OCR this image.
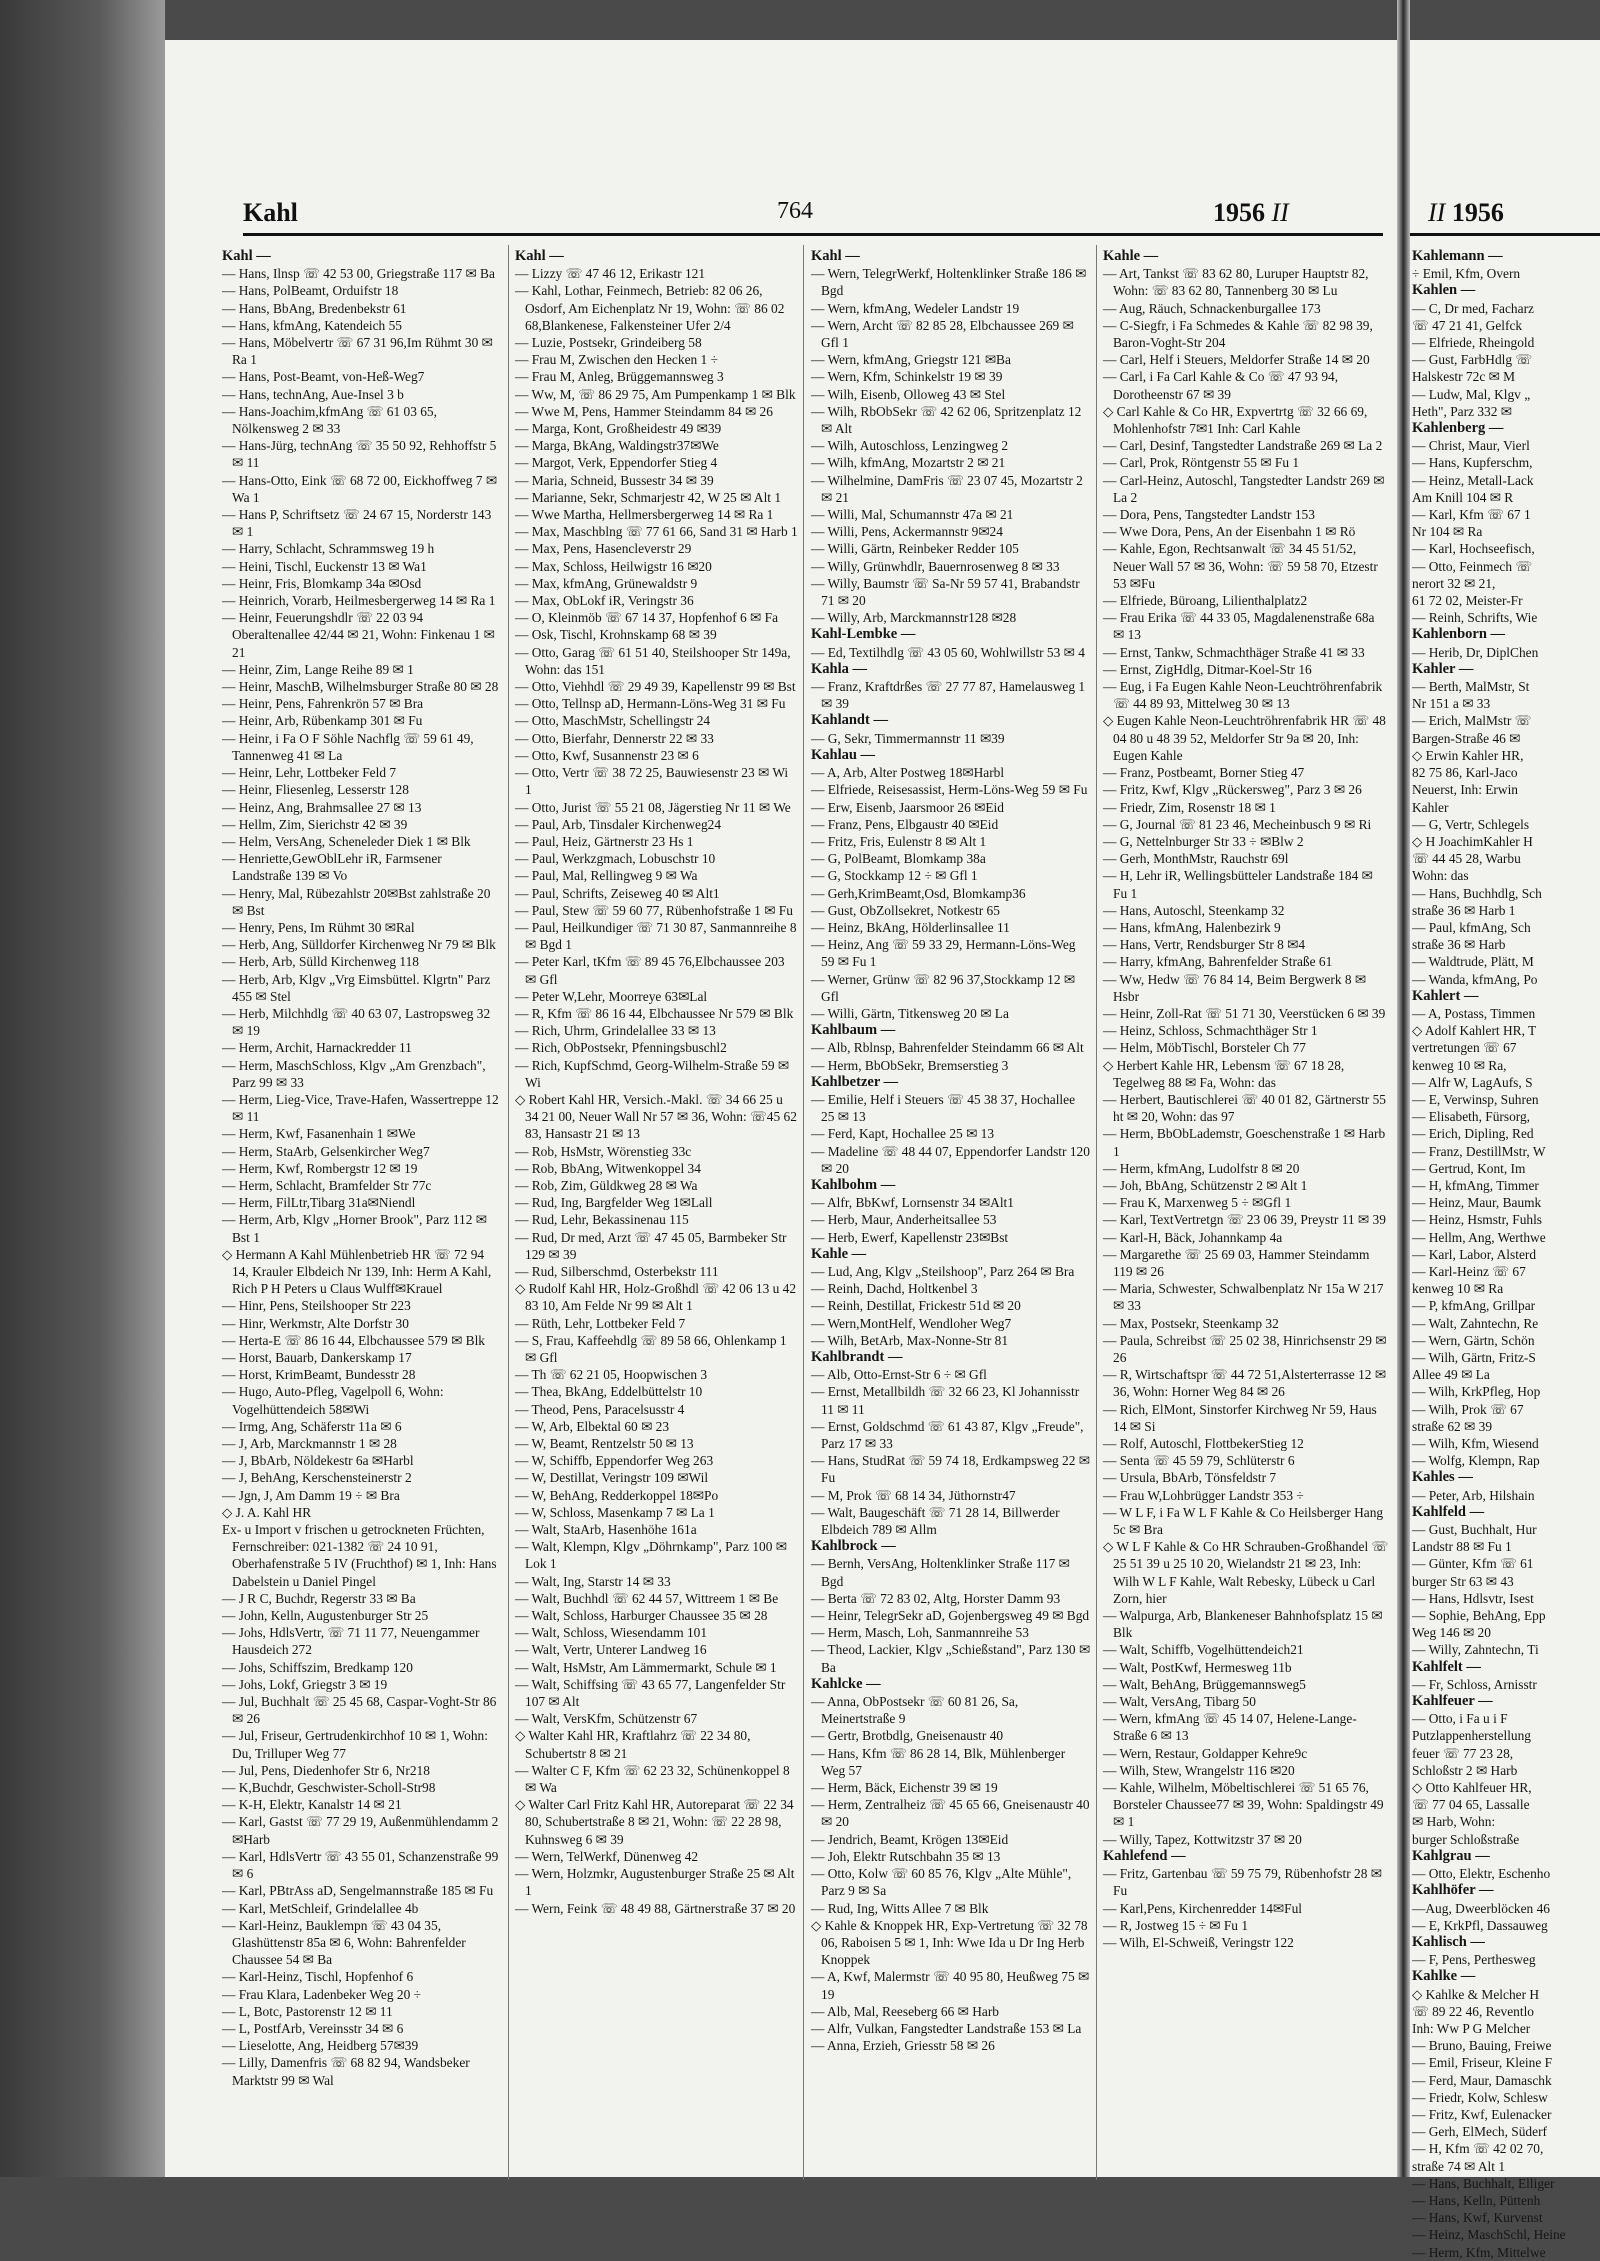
Kahl	764	1956 II
Kahl —
— Hans, Ilnsp ☏ 42 53 00, Griegstraße 117 ✉ Ba
— Hans, PolBeamt, Orduifstr 18
— Hans, BbAng, Bredenbekstr 61
— Hans, kfmAng, Katendeich 55
— Hans, Möbelvertr ☏ 67 31 96,Im Rühmt 30 ✉ Ra 1
— Hans, Post-Beamt, von-Heß-Weg7
— Hans, technAng, Aue-Insel 3 b
— Hans-Joachim,kfmAng ☏ 61 03 65, Nölkensweg 2 ✉ 33
— Hans-Jürg, technAng ☏ 35 50 92, Rehhoffstr 5 ✉ 11
— Hans-Otto, Eink ☏ 68 72 00, Eickhoffweg 7 ✉ Wa 1
— Hans P, Schriftsetz ☏ 24 67 15, Norderstr 143 ✉ 1
— Harry, Schlacht, Schrammsweg 19 h
— Heini, Tischl, Euckenstr 13 ✉ Wa1
— Heinr, Fris, Blomkamp 34a ✉Osd
— Heinrich, Vorarb, Heilmesbergerweg 14 ✉ Ra 1
— Heinr, Feuerungshdlr ☏ 22 03 94 Oberaltenallee 42/44 ✉ 21, Wohn: Finkenau 1 ✉ 21
— Heinr, Zim, Lange Reihe 89 ✉ 1
— Heinr, MaschB, Wilhelmsburger Straße 80 ✉ 28
— Heinr, Pens, Fahrenkrön 57 ✉ Bra
— Heinr, Arb, Rübenkamp 301 ✉ Fu
— Heinr, i Fa O F Söhle Nachflg ☏ 59 61 49, Tannenweg 41 ✉ La
— Heinr, Lehr, Lottbeker Feld 7
— Heinr, Fliesenleg, Lesserstr 128
— Heinz, Ang, Brahmsallee 27 ✉ 13
— Hellm, Zim, Sierichstr 42 ✉ 39
— Helm, VersAng, Scheneleder Diek 1 ✉ Blk
— Henriette,GewOblLehr iR, Farmsener Landstraße 139 ✉ Vo
— Henry, Mal, Rübezahlstr 20✉Bst zahlstraße 20 ✉ Bst
— Henry, Pens, Im Rühmt 30 ✉Ral
— Herb, Ang, Sülldorfer Kirchenweg Nr 79 ✉ Blk
— Herb, Arb, Sülld Kirchenweg 118
— Herb, Arb, Klgv „Vrg Eimsbüttel. Klgrtn" Parz 455 ✉ Stel
— Herb, Milchhdlg ☏ 40 63 07, Lastropsweg 32 ✉ 19
— Herm, Archit, Harnackredder 11
— Herm, MaschSchloss, Klgv „Am Grenzbach", Parz 99 ✉ 33
— Herm, Lieg-Vice, Trave-Hafen, Wassertreppe 12 ✉ 11
— Herm, Kwf, Fasanenhain 1 ✉We
— Herm, StaArb, Gelsenkircher Weg7
— Herm, Kwf, Rombergstr 12 ✉ 19
— Herm, Schlacht, Bramfelder Str 77c
— Herm, FilLtr,Tibarg 31a✉Niendl
— Herm, Arb, Klgv „Horner Brook", Parz 112 ✉ Bst 1
◇ Hermann A Kahl Mühlenbetrieb HR ☏ 72 94 14, Krauler Elbdeich Nr 139, Inh: Herm A Kahl, Rich P H Peters u Claus Wulff✉Krauel
— Hinr, Pens, Steilshooper Str 223
— Hinr, Werkmstr, Alte Dorfstr 30
— Herta-E ☏ 86 16 44, Elbchaussee 579 ✉ Blk
— Horst, Bauarb, Dankerskamp 17
— Horst, KrimBeamt, Bundesstr 28
— Hugo, Auto-Pfleg, Vagelpoll 6, Wohn: Vogelhüttendeich 58✉Wi
— Irmg, Ang, Schäferstr 11a ✉ 6
— J, Arb, Marckmannstr 1 ✉ 28
— J, BbArb, Nöldekestr 6a ✉Harbl
— J, BehAng, Kerschensteinerstr 2
— Jgn, J, Am Damm 19 ÷ ✉ Bra
◇ J. A. Kahl HR
Ex- u Import v frischen u getrockneten Früchten, Fernschreiber: 021-1382 ☏ 24 10 91, Oberhafenstraße 5 IV (Fruchthof) ✉ 1, Inh: Hans Dabelstein u Daniel Pingel
— J R C, Buchdr, Regerstr 33 ✉ Ba
— John, Kelln, Augustenburger Str 25
— Johs, HdlsVertr, ☏ 71 11 77, Neuengammer Hausdeich 272
— Johs, Schiffszim, Bredkamp 120
— Johs, Lokf, Griegstr 3 ✉ 19
— Jul, Buchhalt ☏ 25 45 68, Caspar-Voght-Str 86 ✉ 26
— Jul, Friseur, Gertrudenkirchhof 10 ✉ 1, Wohn: Du, Trilluper Weg 77
— Jul, Pens, Diedenhofer Str 6, Nr218
— K,Buchdr, Geschwister-Scholl-Str98
— K-H, Elektr, Kanalstr 14 ✉ 21
— Karl, Gastst ☏ 77 29 19, Außenmühlendamm 2 ✉Harb
— Karl, HdlsVertr ☏ 43 55 01, Schanzenstraße 99 ✉ 6
— Karl, PBtrAss aD, Sengelmannstraße 185 ✉ Fu
— Karl, MetSchleif, Grindelallee 4b
— Karl-Heinz, Bauklempn ☏ 43 04 35, Glashüttenstr 85a ✉ 6, Wohn: Bahrenfelder Chaussee 54 ✉ Ba
— Karl-Heinz, Tischl, Hopfenhof 6
— Frau Klara, Ladenbeker Weg 20 ÷
— L, Botc, Pastorenstr 12 ✉ 11
— L, PostfArb, Vereinsstr 34 ✉ 6
— Lieselotte, Ang, Heidberg 57✉39
— Lilly, Damenfris ☏ 68 82 94, Wandsbeker Marktstr 99 ✉ Wal
Kahl —
— Lizzy ☏ 47 46 12, Erikastr 121
— Kahl, Lothar, Feinmech, Betrieb: 82 06 26, Osdorf, Am Eichenplatz Nr 19, Wohn: ☏ 86 02 68,Blankenese, Falkensteiner Ufer 2/4
— Luzie, Postsekr, Grindeiberg 58
— Frau M, Zwischen den Hecken 1 ÷
— Frau M, Anleg, Brüggemannsweg 3
— Ww, M, ☏ 86 29 75, Am Pumpenkamp 1 ✉ Blk
— Wwe M, Pens, Hammer Steindamm 84 ✉ 26
— Marga, Kont, Großheidestr 49 ✉39
— Marga, BkAng, Waldingstr37✉We
— Margot, Verk, Eppendorfer Stieg 4
— Maria, Schneid, Bussestr 34 ✉ 39
— Marianne, Sekr, Schmarjestr 42, W 25 ✉ Alt 1
— Wwe Martha, Hellmersbergerweg 14 ✉ Ra 1
— Max, Maschblng ☏ 77 61 66, Sand 31 ✉ Harb 1
— Max, Pens, Hasencleverstr 29
— Max, Schloss, Heilwigstr 16 ✉20
— Max, kfmAng, Grünewaldstr 9
— Max, ObLokf iR, Veringstr 36
— O, Kleinmöb ☏ 67 14 37, Hopfenhof 6 ✉ Fa
— Osk, Tischl, Krohnskamp 68 ✉ 39
— Otto, Garag ☏ 61 51 40, Steilshooper Str 149a, Wohn: das 151
— Otto, Viehhdl ☏ 29 49 39, Kapellenstr 99 ✉ Bst
— Otto, Tellnsp aD, Hermann-Löns-Weg 31 ✉ Fu
— Otto, MaschMstr, Schellingstr 24
— Otto, Bierfahr, Dennerstr 22 ✉ 33
— Otto, Kwf, Susannenstr 23 ✉ 6
— Otto, Vertr ☏ 38 72 25, Bauwiesenstr 23 ✉ Wi 1
— Otto, Jurist ☏ 55 21 08, Jägerstieg Nr 11 ✉ We
— Paul, Arb, Tinsdaler Kirchenweg24
— Paul, Heiz, Gärtnerstr 23 Hs 1
— Paul, Werkzgmach, Lobuschstr 10
— Paul, Mal, Rellingweg 9 ✉ Wa
— Paul, Schrifts, Zeiseweg 40 ✉ Alt1
— Paul, Stew ☏ 59 60 77, Rübenhofstraße 1 ✉ Fu
— Paul, Heilkundiger ☏ 71 30 87, Sanmannreihe 8 ✉ Bgd 1
— Peter Karl, tKfm ☏ 89 45 76,Elbchaussee 203 ✉ Gfl
— Peter W,Lehr, Moorreye 63✉Lal
— R, Kfm ☏ 86 16 44, Elbchaussee Nr 579 ✉ Blk
— Rich, Uhrm, Grindelallee 33 ✉ 13
— Rich, ObPostsekr, Pfenningsbuschl2
— Rich, KupfSchmd, Georg-Wilhelm-Straße 59 ✉ Wi
◇ Robert Kahl HR, Versich.-Makl. ☏ 34 66 25 u 34 21 00, Neuer Wall Nr 57 ✉ 36, Wohn: ☏45 62 83, Hansastr 21 ✉ 13
— Rob, HsMstr, Wörenstieg 33c
— Rob, BbAng, Witwenkoppel 34
— Rob, Zim, Güldkweg 28 ✉ Wa
— Rud, Ing, Bargfelder Weg 1✉Lall
— Rud, Lehr, Bekassinenau 115
— Rud, Dr med, Arzt ☏ 47 45 05, Barmbeker Str 129 ✉ 39
— Rud, Silberschmd, Osterbekstr 111
◇ Rudolf Kahl HR, Holz-Großhdl ☏ 42 06 13 u 42 83 10, Am Felde Nr 99 ✉ Alt 1
— Rüth, Lehr, Lottbeker Feld 7
— S, Frau, Kaffeehdlg ☏ 89 58 66, Ohlenkamp 1 ✉ Gfl
— Th ☏ 62 21 05, Hoopwischen 3
— Thea, BkAng, Eddelbüttelstr 10
— Theod, Pens, Paracelsusstr 4
— W, Arb, Elbektal 60 ✉ 23
— W, Beamt, Rentzelstr 50 ✉ 13
— W, Schiffb, Eppendorfer Weg 263
— W, Destillat, Veringstr 109 ✉Wil
— W, BehAng, Redderkoppel 18✉Po
— W, Schloss, Masenkamp 7 ✉ La 1
— Walt, StaArb, Hasenhöhe 161a
— Walt, Klempn, Klgv „Döhrnkamp", Parz 100 ✉ Lok 1
— Walt, Ing, Starstr 14 ✉ 33
— Walt, Buchhdl ☏ 62 44 57, Wittreem 1 ✉ Be
— Walt, Schloss, Harburger Chaussee 35 ✉ 28
— Walt, Schloss, Wiesendamm 101
— Walt, Vertr, Unterer Landweg 16
— Walt, HsMstr, Am Lämmermarkt, Schule ✉ 1
— Walt, Schiffsing ☏ 43 65 77, Langenfelder Str 107 ✉ Alt
— Walt, VersKfm, Schützenstr 67
◇ Walter Kahl HR, Kraftlahrz ☏ 22 34 80, Schubertstr 8 ✉ 21
— Walter C F, Kfm ☏ 62 23 32, Schünenkoppel 8 ✉ Wa
◇ Walter Carl Fritz Kahl HR, Autoreparat ☏ 22 34 80, Schubertstraße 8 ✉ 21, Wohn: ☏ 22 28 98, Kuhnsweg 6 ✉ 39
— Wern, TelWerkf, Dünenweg 42
— Wern, Holzmkr, Augustenburger Straße 25 ✉ Alt 1
— Wern, Feink ☏ 48 49 88, Gärtnerstraße 37 ✉ 20
Kahl —
— Wern, TelegrWerkf, Holtenklinker Straße 186 ✉ Bgd
— Wern, kfmAng, Wedeler Landstr 19
— Wern, Archt ☏ 82 85 28, Elbchaussee 269 ✉ Gfl 1
— Wern, kfmAng, Griegstr 121 ✉Ba
— Wern, Kfm, Schinkelstr 19 ✉ 39
— Wilh, Eisenb, Olloweg 43 ✉ Stel
— Wilh, RbObSekr ☏ 42 62 06, Spritzenplatz 12 ✉ Alt
— Wilh, Autoschloss, Lenzingweg 2
— Wilh, kfmAng, Mozartstr 2 ✉ 21
— Wilhelmine, DamFris ☏ 23 07 45, Mozartstr 2 ✉ 21
— Willi, Mal, Schumannstr 47a ✉ 21
— Willi, Pens, Ackermannstr 9✉24
— Willi, Gärtn, Reinbeker Redder 105
— Willy, Grünwhdlr, Bauernrosenweg 8 ✉ 33
— Willy, Baumstr ☏ Sa-Nr 59 57 41, Brabandstr 71 ✉ 20
— Willy, Arb, Marckmannstr128 ✉28
Kahl-Lembke —
— Ed, Textilhdlg ☏ 43 05 60, Wohlwillstr 53 ✉ 4
Kahla —
— Franz, Kraftdrßes ☏ 27 77 87, Hamelausweg 1 ✉ 39
Kahlandt —
— G, Sekr, Timmermannstr 11 ✉39
Kahlau —
— A, Arb, Alter Postweg 18✉Harbl
— Elfriede, Reisesassist, Herm-Löns-Weg 59 ✉ Fu
— Erw, Eisenb, Jaarsmoor 26 ✉Eid
— Franz, Pens, Elbgaustr 40 ✉Eid
— Fritz, Fris, Eulenstr 8 ✉ Alt 1
— G, PolBeamt, Blomkamp 38a
— G, Stockkamp 12 ÷ ✉ Gfl 1
— Gerh,KrimBeamt,Osd, Blomkamp36
— Gust, ObZollsekret, Notkestr 65
— Heinz, BkAng, Hölderlinsallee 11
— Heinz, Ang ☏ 59 33 29, Hermann-Löns-Weg 59 ✉ Fu 1
— Werner, Grünw ☏ 82 96 37,Stockkamp 12 ✉ Gfl
— Willi, Gärtn, Titkensweg 20 ✉ La
Kahlbaum —
— Alb, Rblnsp, Bahrenfelder Steindamm 66 ✉ Alt
— Herm, BbObSekr, Bremserstieg 3
Kahlbetzer —
— Emilie, Helf i Steuers ☏ 45 38 37, Hochallee 25 ✉ 13
— Ferd, Kapt, Hochallee 25 ✉ 13
— Madeline ☏ 48 44 07, Eppendorfer Landstr 120 ✉ 20
Kahlbohm —
— Alfr, BbKwf, Lornsenstr 34 ✉Alt1
— Herb, Maur, Anderheitsallee 53
— Herb, Ewerf, Kapellenstr 23✉Bst
Kahle —
— Lud, Ang, Klgv „Steilshoop", Parz 264 ✉ Bra
— Reinh, Dachd, Holtkenbel 3
— Reinh, Destillat, Frickestr 51d ✉ 20
— Wern,MontHelf, Wendloher Weg7
— Wilh, BetArb, Max-Nonne-Str 81
Kahlbrandt —
— Alb, Otto-Ernst-Str 6 ÷ ✉ Gfl
— Ernst, Metallbildh ☏ 32 66 23, Kl Johannisstr 11 ✉ 11
— Ernst, Goldschmd ☏ 61 43 87, Klgv „Freude", Parz 17 ✉ 33
— Hans, StudRat ☏ 59 74 18, Erdkampsweg 22 ✉ Fu
— M, Prok ☏ 68 14 34, Jüthornstr47
— Walt, Baugeschäft ☏ 71 28 14, Billwerder Elbdeich 789 ✉ Allm
Kahlbrock —
— Bernh, VersAng, Holtenklinker Straße 117 ✉ Bgd
— Berta ☏ 72 83 02, Altg, Horster Damm 93
— Heinr, TelegrSekr aD, Gojenbergsweg 49 ✉ Bgd
— Herm, Masch, Loh, Sanmannreihe 53
— Theod, Lackier, Klgv „Schießstand", Parz 130 ✉ Ba
Kahlcke —
— Anna, ObPostsekr ☏ 60 81 26, Sa, Meinertstraße 9
— Gertr, Brotbdlg, Gneisenaustr 40
— Hans, Kfm ☏ 86 28 14, Blk, Mühlenberger Weg 57
— Herm, Bäck, Eichenstr 39 ✉ 19
— Herm, Zentralheiz ☏ 45 65 66, Gneisenaustr 40 ✉ 20
— Jendrich, Beamt, Krögen 13✉Eid
— Joh, Elektr Rutschbahn 35 ✉ 13
— Otto, Kolw ☏ 60 85 76, Klgv „Alte Mühle", Parz 9 ✉ Sa
— Rud, Ing, Witts Allee 7 ✉ Blk
◇ Kahle & Knoppek HR, Exp-Vertretung ☏ 32 78 06, Raboisen 5 ✉ 1, Inh: Wwe Ida u Dr Ing Herb Knoppek
— A, Kwf, Malermstr ☏ 40 95 80, Heußweg 75 ✉ 19
— Alb, Mal, Reeseberg 66 ✉ Harb
— Alfr, Vulkan, Fangstedter Landstraße 153 ✉ La
— Anna, Erzieh, Griesstr 58 ✉ 26
Kahle —
— Art, Tankst ☏ 83 62 80, Luruper Hauptstr 82, Wohn: ☏ 83 62 80, Tannenberg 30 ✉ Lu
— Aug, Räuch, Schnackenburgallee 173
— C-Siegfr, i Fa Schmedes & Kahle ☏ 82 98 39, Baron-Voght-Str 204
— Carl, Helf i Steuers, Meldorfer Straße 14 ✉ 20
— Carl, i Fa Carl Kahle & Co ☏ 47 93 94, Dorotheenstr 67 ✉ 39
◇ Carl Kahle & Co HR, Expvertrtg ☏ 32 66 69, Mohlenhofstr 7✉1 Inh: Carl Kahle
— Carl, Desinf, Tangstedter Landstraße 269 ✉ La 2
— Carl, Prok, Röntgenstr 55 ✉ Fu 1
— Carl-Heinz, Autoschl, Tangstedter Landstr 269 ✉ La 2
— Dora, Pens, Tangstedter Landstr 153
— Wwe Dora, Pens, An der Eisenbahn 1 ✉ Rö
— Kahle, Egon, Rechtsanwalt ☏ 34 45 51/52, Neuer Wall 57 ✉ 36, Wohn: ☏ 59 58 70, Etzestr 53 ✉Fu
— Elfriede, Büroang, Lilienthalplatz2
— Frau Erika ☏ 44 33 05, Magdalenenstraße 68a ✉ 13
— Ernst, Tankw, Schmachthäger Straße 41 ✉ 33
— Ernst, ZigHdlg, Ditmar-Koel-Str 16
— Eug, i Fa Eugen Kahle Neon-Leuchtröhrenfabrik ☏ 44 89 93, Mittelweg 30 ✉ 13
◇ Eugen Kahle Neon-Leuchtröhrenfabrik HR ☏ 48 04 80 u 48 39 52, Meldorfer Str 9a ✉ 20, Inh: Eugen Kahle
— Franz, Postbeamt, Borner Stieg 47
— Fritz, Kwf, Klgv „Rückersweg", Parz 3 ✉ 26
— Friedr, Zim, Rosenstr 18 ✉ 1
— G, Journal ☏ 81 23 46, Mecheinbusch 9 ✉ Ri
— G, Nettelnburger Str 33 ÷ ✉Blw 2
— Gerh, MonthMstr, Rauchstr 69l
— H, Lehr iR, Wellingsbütteler Landstraße 184 ✉ Fu 1
— Hans, Autoschl, Steenkamp 32
— Hans, kfmAng, Halenbezirk 9
— Hans, Vertr, Rendsburger Str 8 ✉4
— Harry, kfmAng, Bahrenfelder Straße 61
— Ww, Hedw ☏ 76 84 14, Beim Bergwerk 8 ✉ Hsbr
— Heinr, Zoll-Rat ☏ 51 71 30, Veerstücken 6 ✉ 39
— Heinz, Schloss, Schmachthäger Str 1
— Helm, MöbTischl, Borsteler Ch 77
◇ Herbert Kahle HR, Lebensm ☏ 67 18 28, Tegelweg 88 ✉ Fa, Wohn: das
— Herbert, Bautischlerei ☏ 40 01 82, Gärtnerstr 55 ht ✉ 20, Wohn: das 97
— Herm, BbObLademstr, Goeschenstraße 1 ✉ Harb 1
— Herm, kfmAng, Ludolfstr 8 ✉ 20
— Joh, BbAng, Schützenstr 2 ✉ Alt 1
— Frau K, Marxenweg 5 ÷ ✉Gfl 1
— Karl, TextVertretgn ☏ 23 06 39, Preystr 11 ✉ 39
— Karl-H, Bäck, Johannkamp 4a
— Margarethe ☏ 25 69 03, Hammer Steindamm 119 ✉ 26
— Maria, Schwester, Schwalbenplatz Nr 15a W 217 ✉ 33
— Max, Postsekr, Steenkamp 32
— Paula, Schreibst ☏ 25 02 38, Hinrichsenstr 29 ✉ 26
— R, Wirtschaftspr ☏ 44 72 51,Alsterterrasse 12 ✉ 36, Wohn: Horner Weg 84 ✉ 26
— Rich, ElMont, Sinstorfer Kirchweg Nr 59, Haus 14 ✉ Si
— Rolf, Autoschl, FlottbekerStieg 12
— Senta ☏ 45 59 79, Schlüterstr 6
— Ursula, BbArb, Tönsfeldstr 7
— Frau W,Lohbrügger Landstr 353 ÷
— W L F, i Fa W L F Kahle & Co Heilsberger Hang 5c ✉ Bra
◇ W L F Kahle & Co HR Schrauben-Großhandel ☏ 25 51 39 u 25 10 20, Wielandstr 21 ✉ 23, Inh: Wilh W L F Kahle, Walt Rebesky, Lübeck u Carl Zorn, hier
— Walpurga, Arb, Blankeneser Bahnhofsplatz 15 ✉ Blk
— Walt, Schiffb, Vogelhüttendeich21
— Walt, PostKwf, Hermesweg 11b
— Walt, BehAng, Brüggemannsweg5
— Walt, VersAng, Tibarg 50
— Wern, kfmAng ☏ 45 14 07, Helene-Lange-Straße 6 ✉ 13
— Wern, Restaur, Goldapper Kehre9c
— Wilh, Stew, Wrangelstr 116 ✉20
— Kahle, Wilhelm, Möbeltischlerei ☏ 51 65 76, Borsteler Chaussee77 ✉ 39, Wohn: Spaldingstr 49 ✉ 1
— Willy, Tapez, Kottwitzstr 37 ✉ 20
Kahlefend —
— Fritz, Gartenbau ☏ 59 75 79, Rübenhofstr 28 ✉ Fu
— Karl,Pens, Kirchenredder 14✉Ful
— R, Jostweg 15 ÷ ✉ Fu 1
— Wilh, El-Schweiß, Veringstr 122
II 1956
Kahlemann —
÷ Emil, Kfm, Overn
Kahlen —
— C, Dr med, Facharz
☏ 47 21 41, Gelfck
— Elfriede, Rheingold
— Gust, FarbHdlg ☏
Halskestr 72c ✉ M
— Ludw, Mal, Klgv „
Heth", Parz 332 ✉
Kahlenberg —
— Christ, Maur, Vierl
— Hans, Kupferschm,
— Heinz, Metall-Lack
Am Knill 104 ✉ R
— Karl, Kfm ☏ 67 1
Nr 104 ✉ Ra
— Karl, Hochseefisch,
— Otto, Feinmech ☏
nerort 32 ✉ 21,
61 72 02, Meister-Fr
— Reinh, Schrifts, Wie
Kahlenborn —
— Herib, Dr, DiplChen
Kahler —
— Berth, MalMstr, St
Nr 151 a ✉ 33
— Erich, MalMstr ☏
Bargen-Straße 46 ✉
◇ Erwin Kahler HR,
82 75 86, Karl-Jaco
Neuerst, Inh: Erwin
Kahler
— G, Vertr, Schlegels
◇ H JoachimKahler H
☏ 44 45 28, Warbu
Wohn: das
— Hans, Buchhdlg, Sch
straße 36 ✉ Harb 1
— Paul, kfmAng, Sch
straße 36 ✉ Harb
— Waldtrude, Plätt, M
— Wanda, kfmAng, Po
Kahlert —
— A, Postass, Timmen
◇ Adolf Kahlert HR, T
vertretungen ☏ 67
kenweg 10 ✉ Ra,
— Alfr W, LagAufs, S
— E, Verwinsp, Suhren
— Elisabeth, Fürsorg,
— Erich, Dipling, Red
— Franz, DestillMstr, W
— Gertrud, Kont, Im
— H, kfmAng, Timmer
— Heinz, Maur, Baumk
— Heinz, Hsmstr, Fuhls
— Hellm, Ang, Werthwe
— Karl, Labor, Alsterd
— Karl-Heinz ☏ 67
kenweg 10 ✉ Ra
— P, kfmAng, Grillpar
— Walt, Zahntechn, Re
— Wern, Gärtn, Schön
— Wilh, Gärtn, Fritz-S
Allee 49 ✉ La
— Wilh, KrkPfleg, Hop
— Wilh, Prok ☏ 67
straße 62 ✉ 39
— Wilh, Kfm, Wiesend
— Wolfg, Klempn, Rap
Kahles —
— Peter, Arb, Hilshain
Kahlfeld —
— Gust, Buchhalt, Hur
Landstr 88 ✉ Fu 1
— Günter, Kfm ☏ 61
burger Str 63 ✉ 43
— Hans, Hdlsvtr, Isest
— Sophie, BehAng, Epp
Weg 146 ✉ 20
— Willy, Zahntechn, Ti
Kahlfelt —
— Fr, Schloss, Arnisstr
Kahlfeuer —
— Otto, i Fa u i F
Putzlappenherstellung
feuer ☏ 77 23 28,
Schloßstr 2 ✉ Harb
◇ Otto Kahlfeuer HR,
☏ 77 04 65, Lassalle
✉ Harb, Wohn:
burger Schloßstraße
Kahlgrau —
— Otto, Elektr, Eschenho
Kahlhöfer —
—Aug, Dweerblöcken 46
— E, KrkPfl, Dassauweg
Kahlisch —
— F, Pens, Perthesweg
Kahlke —
◇ Kahlke & Melcher H
☏ 89 22 46, Reventlo
Inh: Ww P G Melcher
— Bruno, Bauing, Freiwe
— Emil, Friseur, Kleine F
— Ferd, Maur, Damaschk
— Friedr, Kolw, Schlesw
— Fritz, Kwf, Eulenacker
— Gerh, ElMech, Süderf
— H, Kfm ☏ 42 02 70,
straße 74 ✉ Alt 1
— Hans, Buchhalt, Elliger
— Hans, Kelln, Püttenh
— Hans, Kwf, Kurvenst
— Heinz, MaschSchl, Heine
— Herm, Kfm, Mittelwe
